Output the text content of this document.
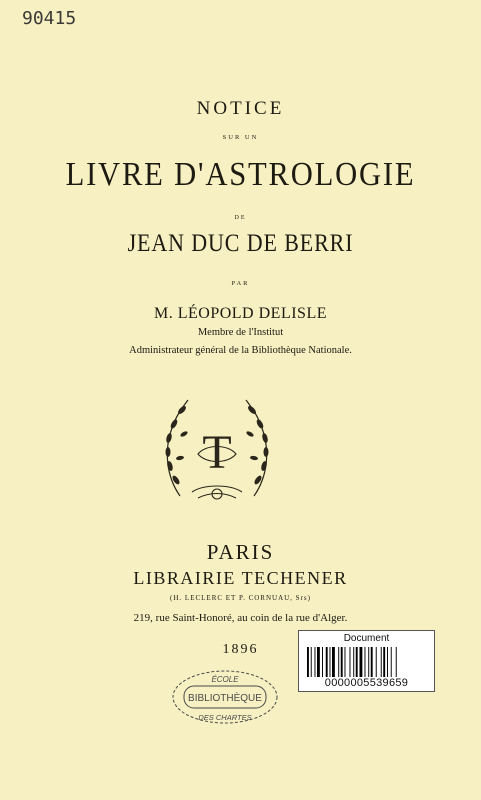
90415
NOTICE
SUR UN
LIVRE D'ASTROLOGIE
DE
JEAN DUC DE BERRI
PAR
M. LÉOPOLD DELISLE
Membre de l'Institut
Administrateur général de la Bibliothèque Nationale.
T
PARIS
LIBRAIRIE TECHENER
(H. LECLERC ET P. CORNUAU, Srs)
219, rue Saint-Honoré, au coin de la rue d'Alger.
1896
ÉCOLE
BIBLIOTHÈQUE
DES CHARTES
Document
0000005539659
